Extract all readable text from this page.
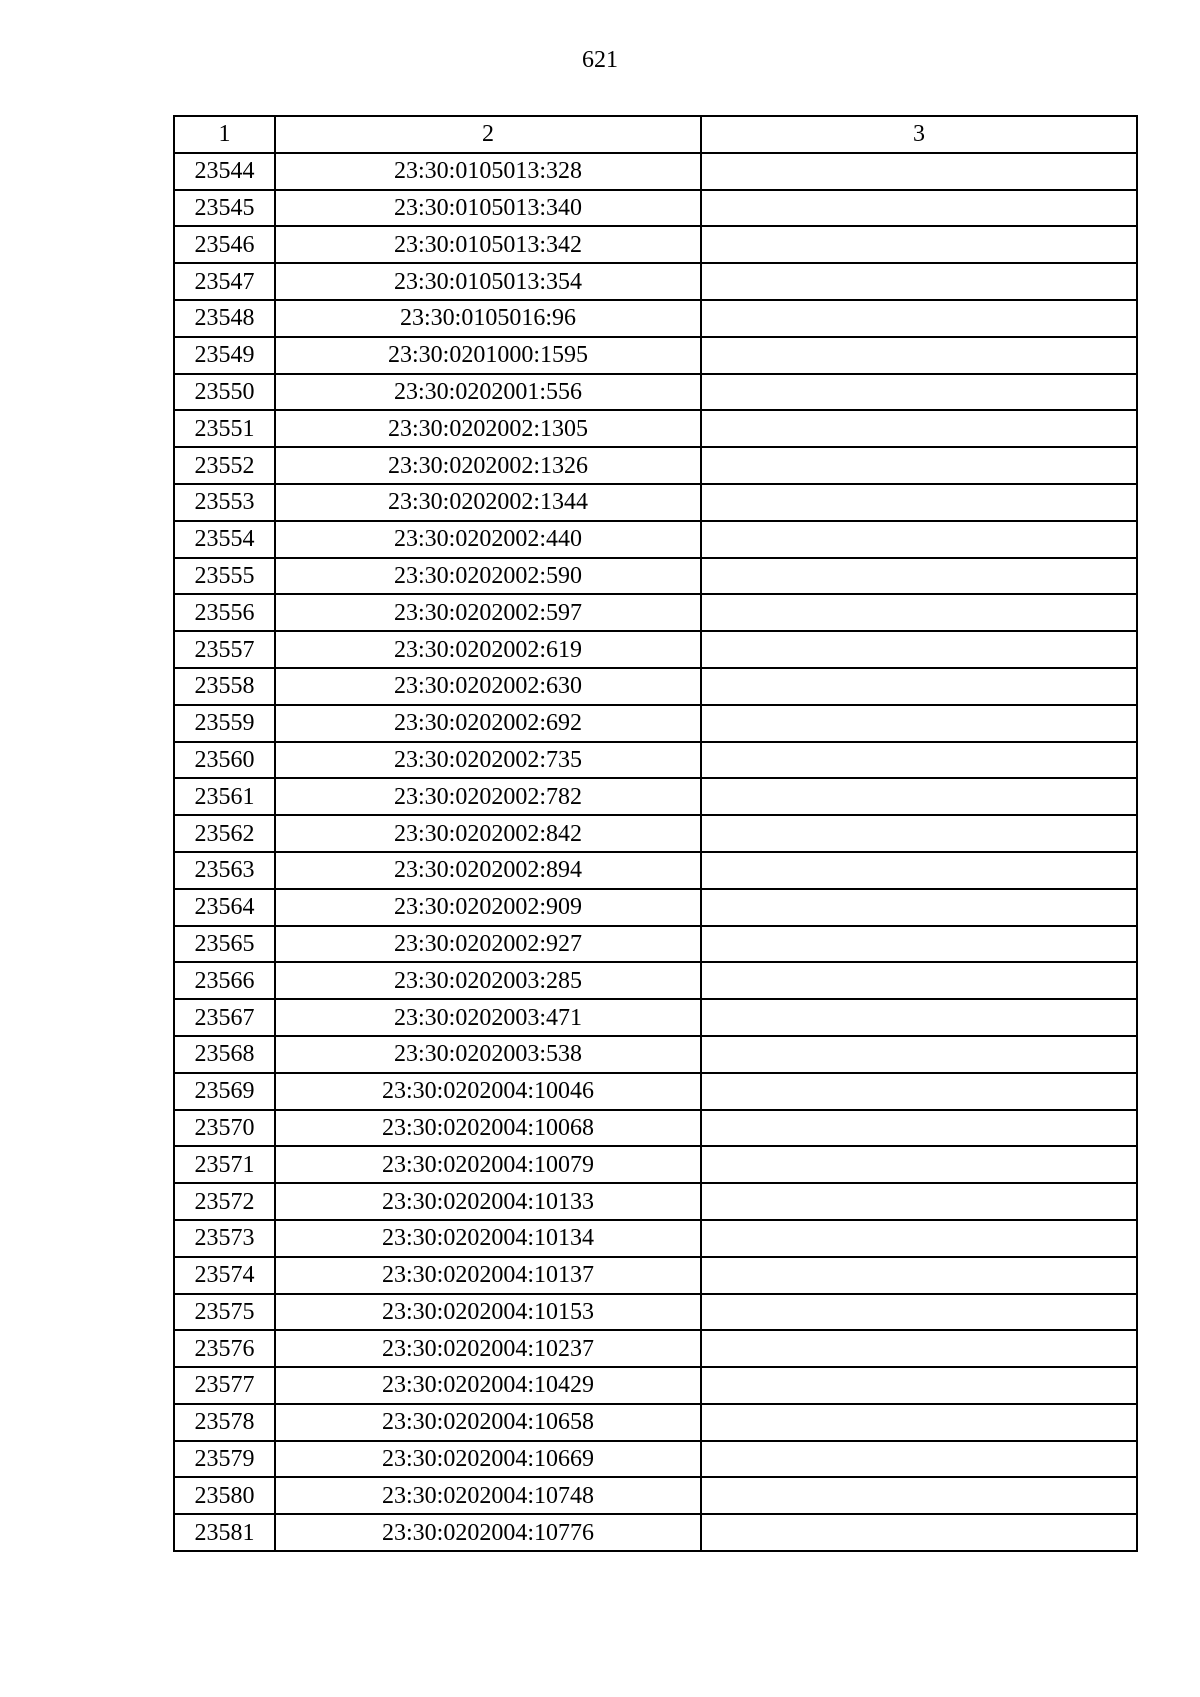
621
1	2	3
23544	23:30:0105013:328	
23545	23:30:0105013:340	
23546	23:30:0105013:342	
23547	23:30:0105013:354	
23548	23:30:0105016:96	
23549	23:30:0201000:1595	
23550	23:30:0202001:556	
23551	23:30:0202002:1305	
23552	23:30:0202002:1326	
23553	23:30:0202002:1344	
23554	23:30:0202002:440	
23555	23:30:0202002:590	
23556	23:30:0202002:597	
23557	23:30:0202002:619	
23558	23:30:0202002:630	
23559	23:30:0202002:692	
23560	23:30:0202002:735	
23561	23:30:0202002:782	
23562	23:30:0202002:842	
23563	23:30:0202002:894	
23564	23:30:0202002:909	
23565	23:30:0202002:927	
23566	23:30:0202003:285	
23567	23:30:0202003:471	
23568	23:30:0202003:538	
23569	23:30:0202004:10046	
23570	23:30:0202004:10068	
23571	23:30:0202004:10079	
23572	23:30:0202004:10133	
23573	23:30:0202004:10134	
23574	23:30:0202004:10137	
23575	23:30:0202004:10153	
23576	23:30:0202004:10237	
23577	23:30:0202004:10429	
23578	23:30:0202004:10658	
23579	23:30:0202004:10669	
23580	23:30:0202004:10748	
23581	23:30:0202004:10776	
